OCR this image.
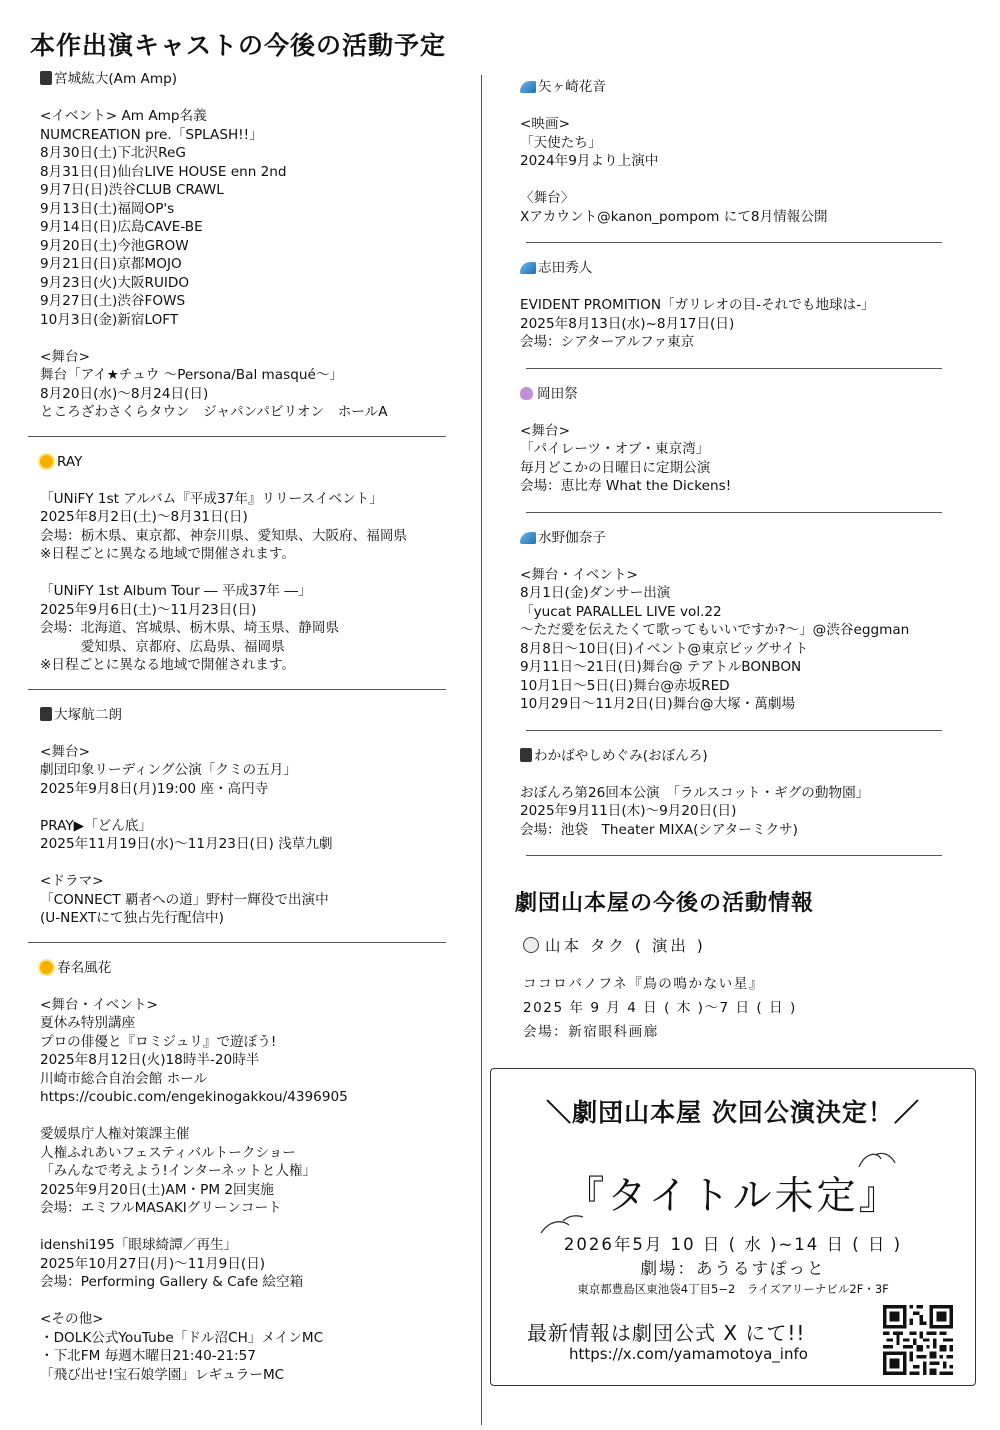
本作出演キャストの今後の活動予定
宮城紘大(Am Amp)
<イベント> Am Amp名義
NUMCREATION pre.「SPLASH!!」
8月30日(土)下北沢ReG
8月31日(日)仙台LIVE HOUSE enn 2nd
9月7日(日)渋谷CLUB CRAWL
9月13日(土)福岡OP's
9月14日(日)広島CAVE-BE
9月20日(土)今池GROW
9月21日(日)京都MOJO
9月23日(火)大阪RUIDO
9月27日(土)渋谷FOWS
10月3日(金)新宿LOFT
<舞台>
舞台「アイ★チュウ 〜Persona/Bal masqué〜」
8月20日(水)〜8月24日(日)
ところざわさくらタウン　ジャパンパビリオン　ホールA
RAY
「UNiFY 1st アルバム『平成37年』リリースイベント」
2025年8月2日(土)〜8月31日(日)
会場：栃木県、東京都、神奈川県、愛知県、大阪府、福岡県
※日程ごとに異なる地域で開催されます。
「UNiFY 1st Album Tour ― 平成37年 ―」
2025年9月6日(土)〜11月23日(日)
会場：北海道、宮城県、栃木県、埼玉県、静岡県
　　　愛知県、京都府、広島県、福岡県
※日程ごとに異なる地域で開催されます。
大塚航二朗
<舞台>
劇団印象リーディング公演「クミの五月」
2025年9月8日(月)19:00 座・高円寺
PRAY▶「どん底」
2025年11月19日(水)〜11月23日(日) 浅草九劇
<ドラマ>
「CONNECT 覇者への道」野村一輝役で出演中
(U-NEXTにて独占先行配信中)
春名風花
<舞台・イベント>
夏休み特別講座
プロの俳優と『ロミジュリ』で遊ぼう!
2025年8月12日(火)18時半-20時半
川崎市総合自治会館 ホール
https://coubic.com/engekinogakkou/4396905
愛媛県庁人権対策課主催
人権ふれあいフェスティバルトークショー
「みんなで考えよう!インターネットと人権」
2025年9月20日(土)AM・PM 2回実施
会場：エミフルMASAKIグリーンコート
idenshi195「眼球綺譚／再生」
2025年10月27日(月)〜11月9日(日)
会場：Performing Gallery & Cafe 絵空箱
<その他>
・DOLK公式YouTube「ドル沼CH」メインMC
・下北FM 毎週木曜日21:40-21:57
「飛び出せ!宝石娘学園」レギュラーMC
矢ヶ崎花音
<映画>
「天使たち」
2024年9月より上演中
〈舞台〉
Xアカウント@kanon_pompom にて8月情報公開
志田秀人
EVIDENT PROMITION「ガリレオの目-それでも地球は-」
2025年8月13日(水)~8月17日(日)
会場：シアターアルファ東京
岡田祭
<舞台>
「パイレーツ・オブ・東京湾」
毎月どこかの日曜日に定期公演
会場：恵比寿 What the Dickens!
水野伽奈子
<舞台・イベント>
8月1日(金)ダンサー出演
「yucat PARALLEL LIVE vol.22
〜ただ愛を伝えたくて歌ってもいいですか?〜」@渋谷eggman
8月8日〜10日(日)イベント@東京ビッグサイト
9月11日〜21日(日)舞台@ テアトルBONBON
10月1日〜5日(日)舞台@赤坂RED
10月29日〜11月2日(日)舞台@大塚・萬劇場
わかばやしめぐみ(おぼんろ)
おぼんろ第26回本公演　「ラルスコット・ギグの動物園」
2025年9月11日(木)〜9月20日(日)
会場：池袋　Theater MIXA(シアターミクサ)
劇団山本屋の今後の活動情報
山本 タク ( 演出 )
ココロバノフネ『鳥の鳴かない星』
2025 年 9 月 4 日 ( 木 )〜7 日 ( 日 )
会場：新宿眼科画廊
＼劇団山本屋 次回公演決定！／
『タイトル未定』
2026年5月 10 日 ( 水 )~14 日 ( 日 )
劇場：あうるすぽっと
東京都豊島区東池袋4丁目5−2　ライズアリーナビル2F・3F
最新情報は劇団公式 X にて!!
https://x.com/yamamotoya_info
